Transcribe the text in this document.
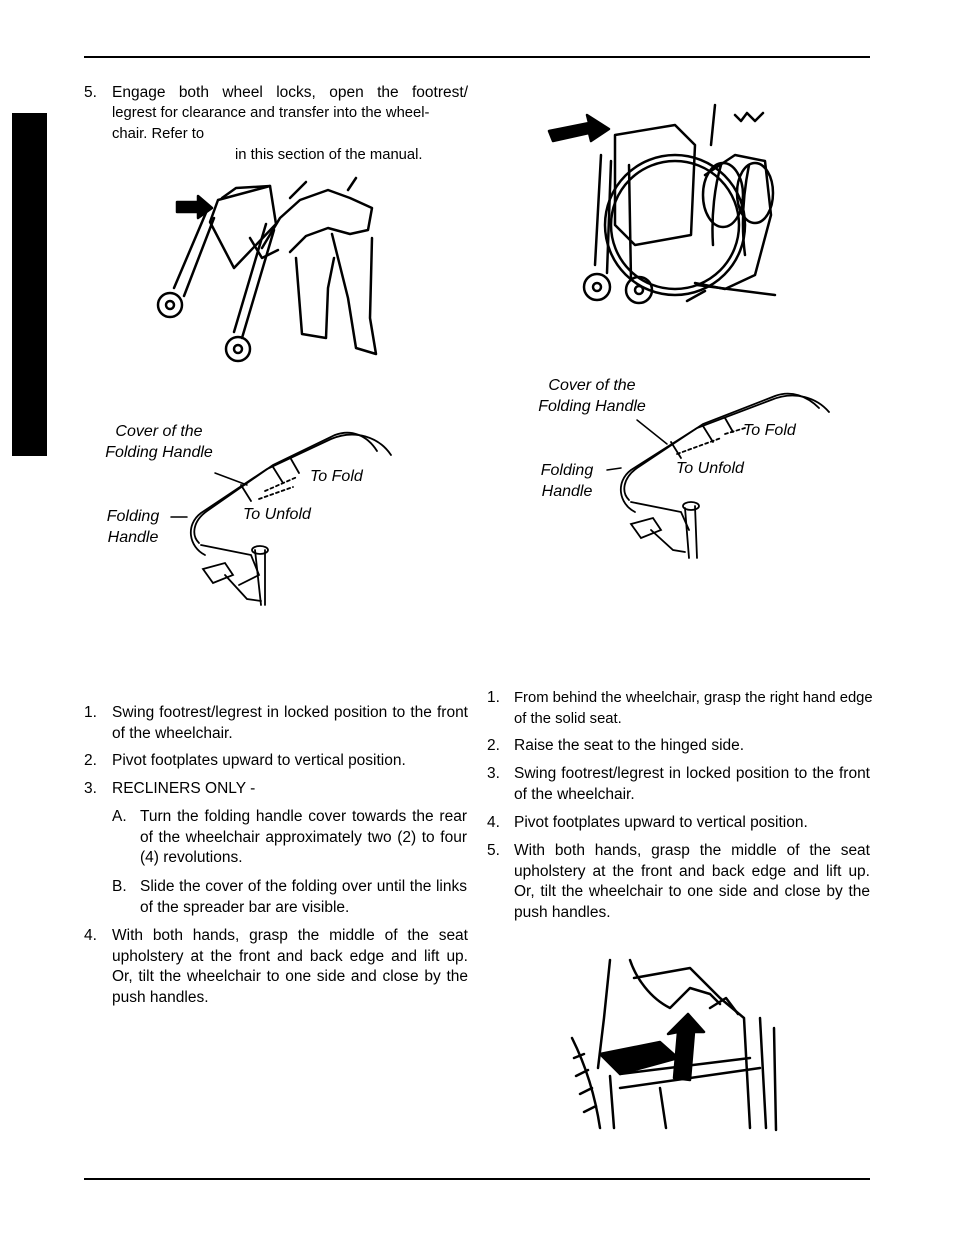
5. Engage both wheel locks, open the footrest/
legrest for clearance and transfer into the wheel-
chair. Refer to
in this section of the manual.
Cover of the
Folding Handle
To Fold
To Unfold
Folding
Handle
Cover of the
Folding Handle
To Fold
To Unfold
Folding
Handle
1. Swing footrest/legrest in locked position to the front of the wheelchair.
2. Pivot footplates upward to vertical position.
3. RECLINERS ONLY -
A. Turn the folding handle cover towards the rear of the wheelchair approximately two (2) to four (4) revolutions.
B. Slide the cover of the folding over until the links of the spreader bar are visible.
4. With both hands, grasp the middle of the seat upholstery at the front and back edge and lift up. Or, tilt the wheelchair to one side and close by the push handles.
1. From behind the wheelchair, grasp the right hand edge of the solid seat.
2. Raise the seat to the hinged side.
3. Swing footrest/legrest in locked position to the front of the wheelchair.
4. Pivot footplates upward to vertical position.
5. With both hands, grasp the middle of the seat upholstery at the front and back edge and lift up. Or, tilt the wheelchair to one side and close by the push handles.
